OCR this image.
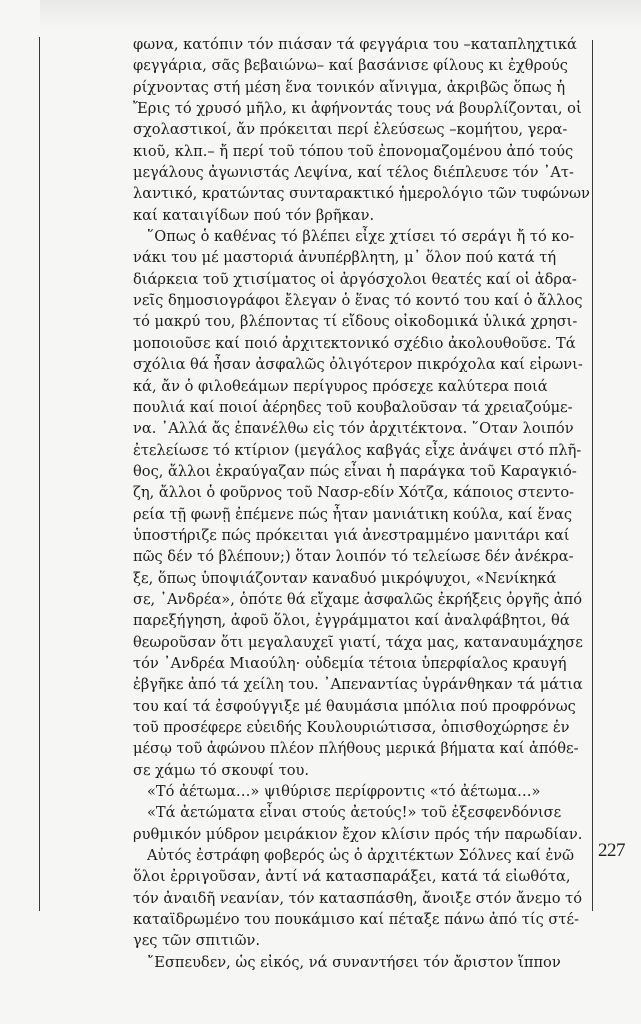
φωνα, κατόπιν τόν πιάσαν τά φεγγάρια του –καταπληχτικά
φεγγάρια, σᾶς βεβαιώνω– καί βασάνισε φίλους κι ἐχθρούς
ρίχνοντας στή μέση ἕνα τονικόν αἴνιγμα, ἀκριβῶς ὅπως ἡ
Ἔρις τό χρυσό μῆλο, κι ἀφήνοντάς τους νά βουρλίζονται, οἱ
σχολαστικοί, ἄν πρόκειται περί ἐλεύσεως –κομήτου, γερα-
κιοῦ, κλπ.– ἤ περί τοῦ τόπου τοῦ ἐπονομαζομένου ἀπό τούς
μεγάλους ἀγωνιστάς Λεψίνα, καί τέλος διέπλευσε τόν ᾿Ατ-
λαντικό, κρατώντας συνταρακτικό ἡμερολόγιο τῶν τυφώνων
καί καταιγίδων πού τόν βρῆκαν.
῞Οπως ὁ καθένας τό βλέπει εἶχε χτίσει τό σεράγι ἤ τό κο-
νάκι του μέ μαστοριά ἀνυπέρβλητη, μ᾿ ὅλον πού κατά τή
διάρκεια τοῦ χτισίματος οἱ ἀργόσχολοι θεατές καί οἱ ἀδρα-
νεῖς δημοσιογράφοι ἔλεγαν ὁ ἕνας τό κοντό του καί ὁ ἄλλος
τό μακρύ του, βλέποντας τί εἴδους οἰκοδομικά ὑλικά χρησι-
μοποιοῦσε καί ποιό ἀρχιτεκτονικό σχέδιο ἀκολουθοῦσε. Τά
σχόλια θά ἦσαν ἀσφαλῶς ὀλιγότερον πικρόχολα καί εἰρωνι-
κά, ἄν ὁ φιλοθεάμων περίγυρος πρόσεχε καλύτερα ποιά
πουλιά καί ποιοί ἀέρηδες τοῦ κουβαλοῦσαν τά χρειαζούμε-
να. ᾿Αλλά ἄς ἐπανέλθω εἰς τόν ἀρχιτέκτονα. ῞Οταν λοιπόν
ἐτελείωσε τό κτίριον (μεγάλος καβγάς εἶχε ἀνάψει στό πλῆ-
θος, ἄλλοι ἐκραύγαζαν πώς εἶναι ἡ παράγκα τοῦ Καραγκιό-
ζη, ἄλλοι ὁ φοῦρνος τοῦ Νασρ-εδίν Χότζα, κάποιος στεντο-
ρεία τῇ φωνῇ ἐπέμενε πώς ἦταν μανιάτικη κούλα, καί ἕνας
ὑποστήριζε πώς πρόκειται γιά ἀνεστραμμένο μανιτάρι καί
πῶς δέν τό βλέπουν;) ὅταν λοιπόν τό τελείωσε δέν ἀνέκρα-
ξε, ὅπως ὑποψιάζονταν καναδυό μικρόψυχοι, «Νενίκηκά
σε, ᾿Ανδρέα», ὁπότε θά εἴχαμε ἀσφαλῶς ἐκρήξεις ὀργῆς ἀπό
παρεξήγηση, ἀφοῦ ὅλοι, ἐγγράμματοι καί ἀναλφάβητοι, θά
θεωροῦσαν ὅτι μεγαλαυχεῖ γιατί, τάχα μας, καταναυμάχησε
τόν ᾿Ανδρέα Μιαούλη· οὐδεμία τέτοια ὑπερφίαλος κραυγή
ἐβγῆκε ἀπό τά χείλη του. ᾿Απεναντίας ὑγράνθηκαν τά μάτια
του καί τά ἐσφούγγιξε μέ θαυμάσια μπόλια πού προφρόνως
τοῦ προσέφερε εὐειδής Κουλουριώτισσα, ὀπισθοχώρησε ἐν
μέσῳ τοῦ ἀφώνου πλέον πλήθους μερικά βήματα καί ἀπόθε-
σε χάμω τό σκουφί του.
«Τό ἀέτωμα…» ψιθύρισε περίφροντις «τό ἀέτωμα…»
«Τά ἀετώματα εἶναι στούς ἀετούς!» τοῦ ἐξεσφενδόνισε
ρυθμικόν μύδρον μειράκιον ἔχον κλίσιν πρός τήν παρωδίαν.
Αὐτός ἐστράφη φοβερός ὡς ὁ ἀρχιτέκτων Σόλνες καί ἐνῶ
ὅλοι ἐρριγοῦσαν, ἀντί νά κατασπαράξει, κατά τά εἰωθότα,
τόν ἀναιδῆ νεανίαν, τόν κατασπάσθη, ἄνοιξε στόν ἄνεμο τό
καταϊδρωμένο του πουκάμισο καί πέταξε πάνω ἀπό τίς στέ-
γες τῶν σπιτιῶν.
῎Εσπευδεν, ὡς εἰκός, νά συναντήσει τόν ἄριστον ἵππον
227
